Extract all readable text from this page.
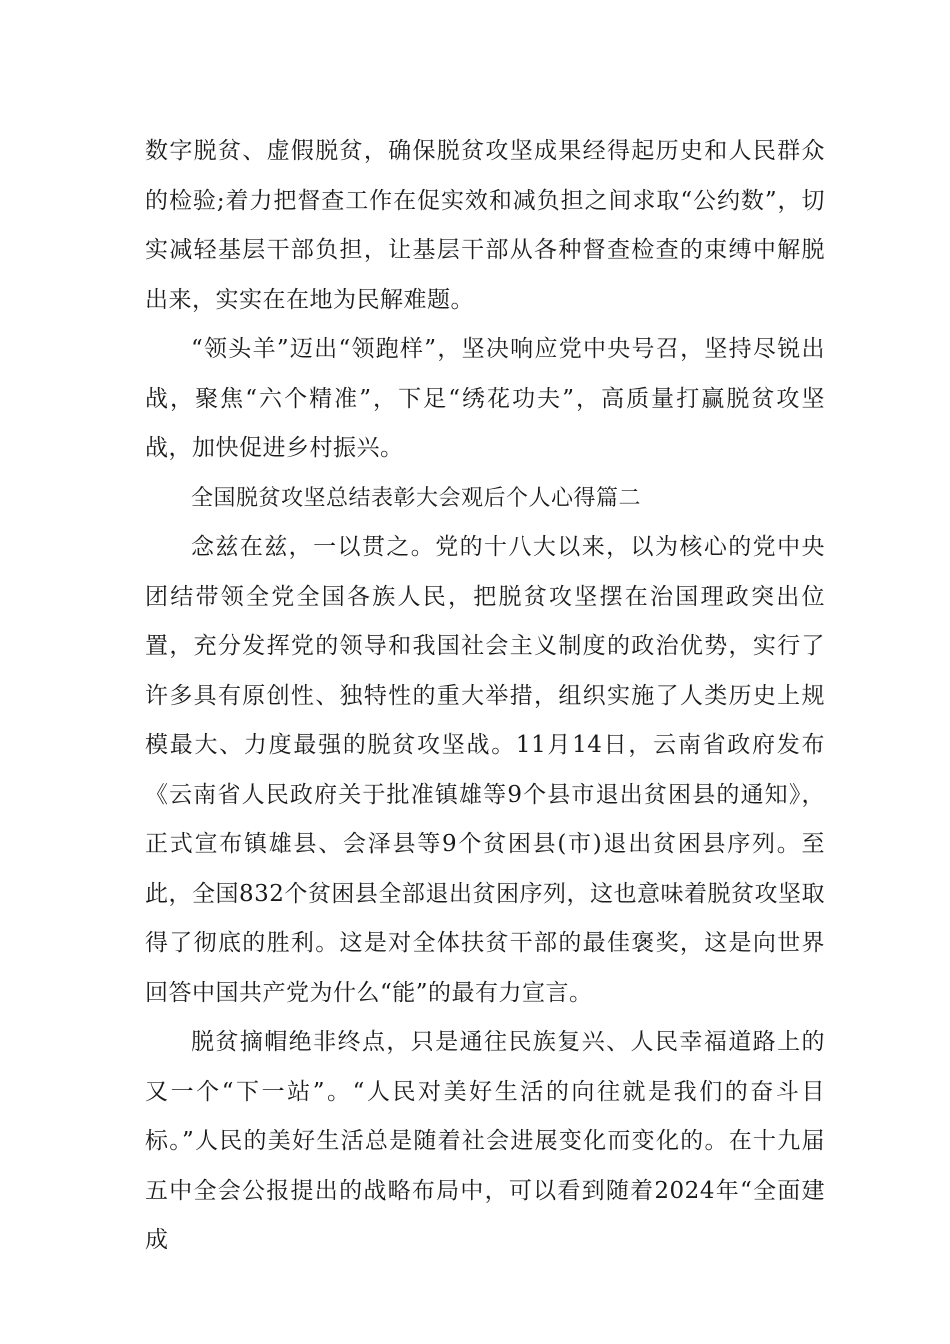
数字脱贫、虚假脱贫，确保脱贫攻坚成果经得起历史和人民群众的检验;着力把督查工作在促实效和减负担之间求取“公约数”，切实减轻基层干部负担，让基层干部从各种督查检查的束缚中解脱出来，实实在在地为民解难题。

“领头羊”迈出“领跑样”，坚决响应党中央号召，坚持尽锐出战，聚焦“六个精准”，下足“绣花功夫”，高质量打赢脱贫攻坚战，加快促进乡村振兴。

全国脱贫攻坚总结表彰大会观后个人心得篇二

念兹在兹，一以贯之。党的十八大以来，以为核心的党中央团结带领全党全国各族人民，把脱贫攻坚摆在治国理政突出位置，充分发挥党的领导和我国社会主义制度的政治优势，实行了许多具有原创性、独特性的重大举措，组织实施了人类历史上规模最大、力度最强的脱贫攻坚战。11月14日，云南省政府发布《云南省人民政府关于批准镇雄等9个县市退出贫困县的通知》，正式宣布镇雄县、会泽县等9个贫困县(市)退出贫困县序列。至此，全国832个贫困县全部退出贫困序列，这也意味着脱贫攻坚取得了彻底的胜利。这是对全体扶贫干部的最佳褒奖，这是向世界回答中国共产党为什么“能”的最有力宣言。

脱贫摘帽绝非终点，只是通往民族复兴、人民幸福道路上的又一个“下一站”。“人民对美好生活的向往就是我们的奋斗目标。”人民的美好生活总是随着社会进展变化而变化的。在十九届五中全会公报提出的战略布局中，可以看到随着2024年“全面建成
